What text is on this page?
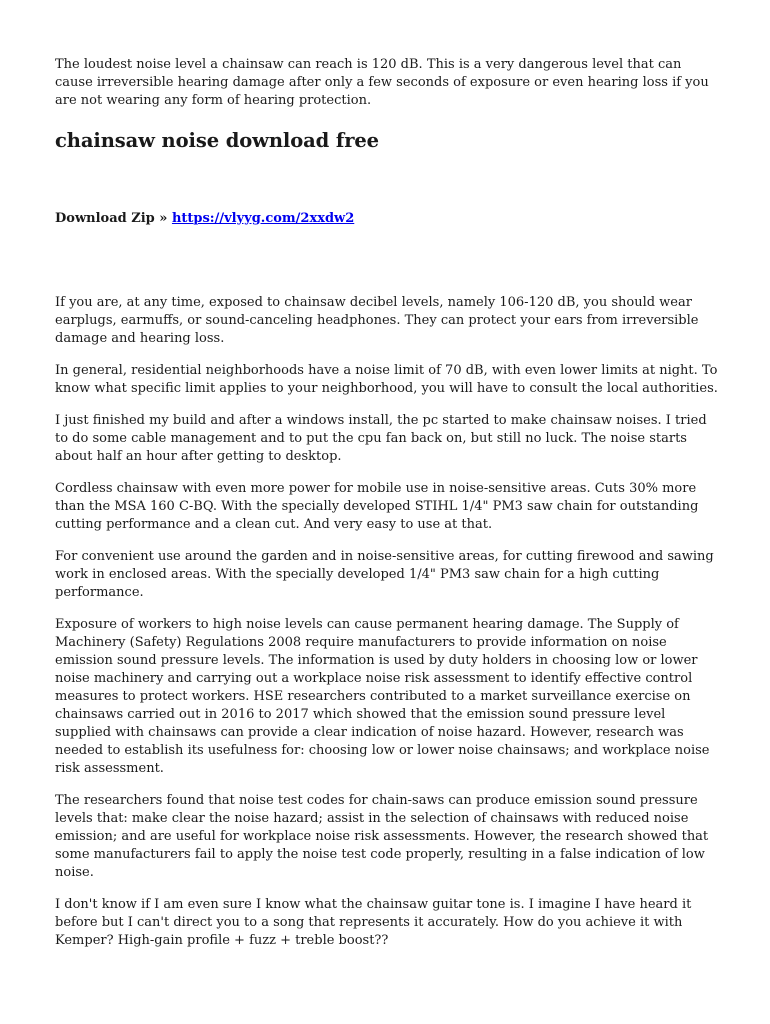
The loudest noise level a chainsaw can reach is 120 dB. This is a very dangerous level that can cause irreversible hearing damage after only a few seconds of exposure or even hearing loss if you are not wearing any form of hearing protection.

chainsaw noise download free
Download Zip » https://vlyyg.com/2xxdw2

If you are, at any time, exposed to chainsaw decibel levels, namely 106-120 dB, you should wear earplugs, earmuffs, or sound-canceling headphones. They can protect your ears from irreversible damage and hearing loss.

In general, residential neighborhoods have a noise limit of 70 dB, with even lower limits at night. To know what specific limit applies to your neighborhood, you will have to consult the local authorities.

I just finished my build and after a windows install, the pc started to make chainsaw noises. I tried to do some cable management and to put the cpu fan back on, but still no luck. The noise starts about half an hour after getting to desktop.

Cordless chainsaw with even more power for mobile use in noise-sensitive areas. Cuts 30% more than the MSA 160 C-BQ. With the specially developed STIHL 1/4" PM3 saw chain for outstanding cutting performance and a clean cut. And very easy to use at that.

For convenient use around the garden and in noise-sensitive areas, for cutting firewood and sawing work in enclosed areas. With the specially developed 1/4" PM3 saw chain for a high cutting performance.

Exposure of workers to high noise levels can cause permanent hearing damage. The Supply of Machinery (Safety) Regulations 2008 require manufacturers to provide information on noise emission sound pressure levels. The information is used by duty holders in choosing low or lower noise machinery and carrying out a workplace noise risk assessment to identify effective control measures to protect workers. HSE researchers contributed to a market surveillance exercise on chainsaws carried out in 2016 to 2017 which showed that the emission sound pressure level supplied with chainsaws can provide a clear indication of noise hazard. However, research was needed to establish its usefulness for: choosing low or lower noise chainsaws; and workplace noise risk assessment.

The researchers found that noise test codes for chain-saws can produce emission sound pressure levels that: make clear the noise hazard; assist in the selection of chainsaws with reduced noise emission; and are useful for workplace noise risk assessments. However, the research showed that some manufacturers fail to apply the noise test code properly, resulting in a false indication of low noise.

I don't know if I am even sure I know what the chainsaw guitar tone is. I imagine I have heard it before but I can't direct you to a song that represents it accurately. How do you achieve it with Kemper? High-gain profile + fuzz + treble boost??
